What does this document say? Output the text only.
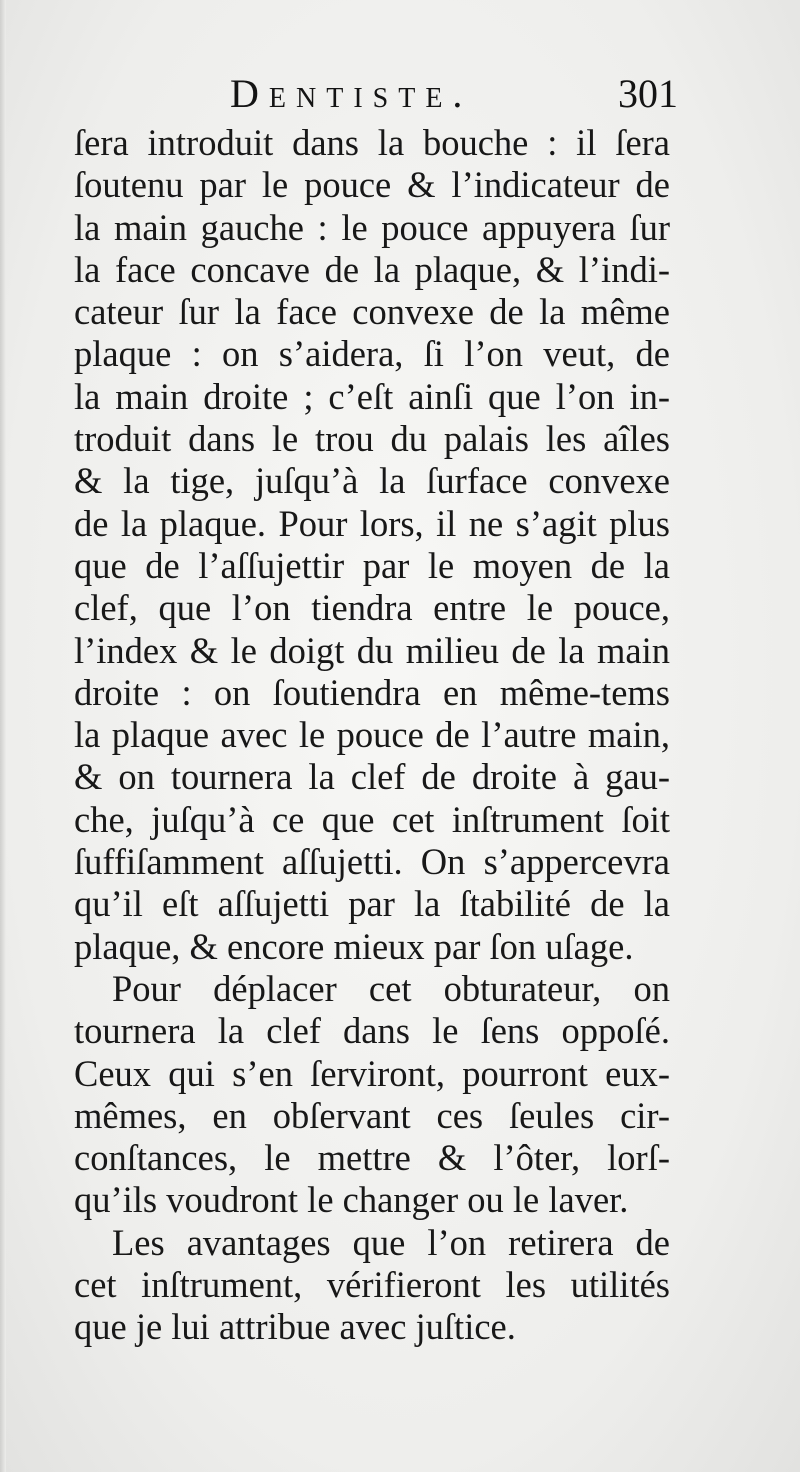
Dentiste.	301
ſera introduit dans la bouche : il ſera
ſoutenu par le pouce & l’indicateur de
la main gauche : le pouce appuyera ſur
la face concave de la plaque, & l’indi-
cateur ſur la face convexe de la même
plaque : on s’aidera, ſi l’on veut, de
la main droite ; c’eſt ainſi que l’on in-
troduit dans le trou du palais les aîles
& la tige, juſqu’à la ſurface convexe
de la plaque. Pour lors, il ne s’agit plus
que de l’aſſujettir par le moyen de la
clef, que l’on tiendra entre le pouce,
l’index & le doigt du milieu de la main
droite : on ſoutiendra en même-tems
la plaque avec le pouce de l’autre main,
& on tournera la clef de droite à gau-
che, juſqu’à ce que cet inſtrument ſoit
ſuffiſamment aſſujetti. On s’appercevra
qu’il eſt aſſujetti par la ſtabilité de la
plaque, & encore mieux par ſon uſage.
Pour déplacer cet obturateur, on
tournera la clef dans le ſens oppoſé.
Ceux qui s’en ſerviront, pourront eux-
mêmes, en obſervant ces ſeules cir-
conſtances, le mettre & l’ôter, lorſ-
qu’ils voudront le changer ou le laver.
Les avantages que l’on retirera de
cet inſtrument, vérifieront les utilités
que je lui attribue avec juſtice.
